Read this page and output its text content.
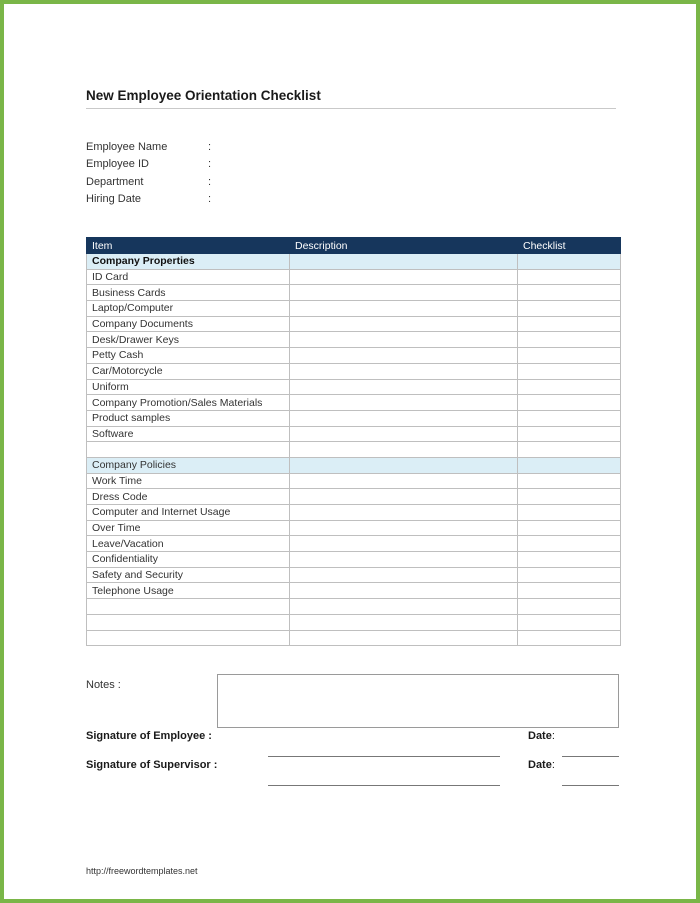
New Employee Orientation Checklist
Employee Name	:
Employee ID	:
Department	:
Hiring Date	:
Item	Description	Checklist
Company Properties		
ID Card		
Business Cards		
Laptop/Computer		
Company Documents		
Desk/Drawer Keys		
Petty Cash		
Car/Motorcycle		
Uniform		
Company Promotion/Sales Materials		
Product samples		
Software		

Company Policies		
Work Time		
Dress Code		
Computer and Internet Usage		
Over Time		
Leave/Vacation		
Confidentiality		
Safety and Security		
Telephone Usage		

Notes :
Signature of Employee :	Date:
Signature of Supervisor :	Date:
http://freewordtemplates.net
